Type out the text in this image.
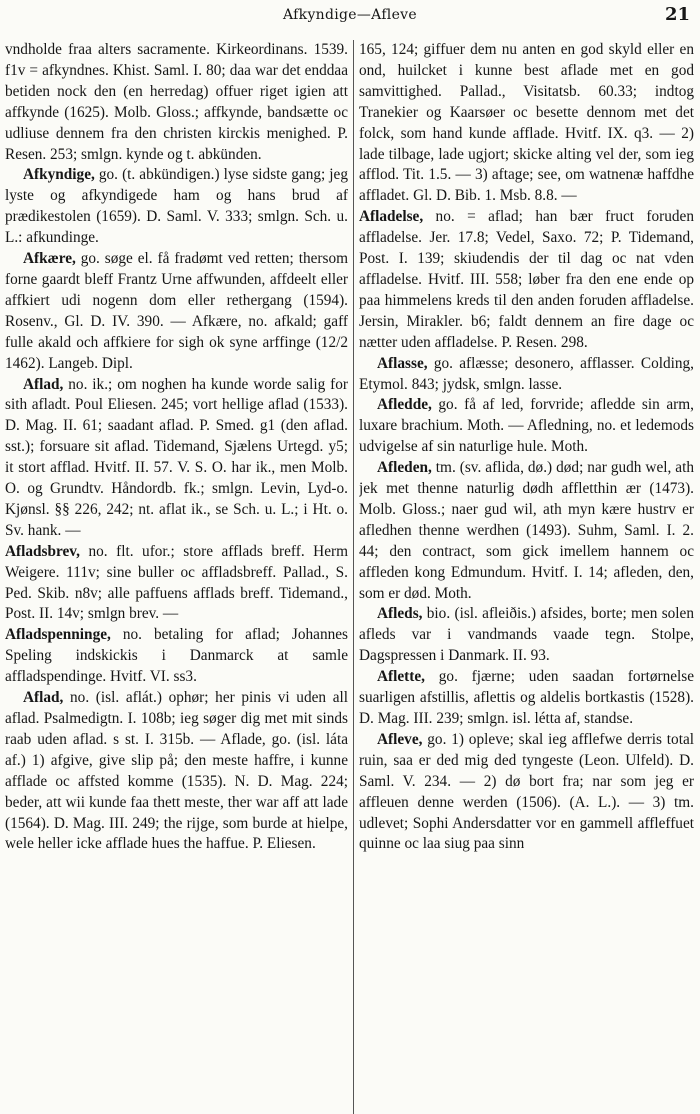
Afkyndige—Afleve	21

vndholde fraa alters sacramente. Kirkeordinans. 1539. f1v = afkyndnes. Khist. Saml. I. 80; daa war det enddaa betiden nock den (en herredag) offuer riget igien att affkynde (1625). Molb. Gloss.; affkynde, bandsætte oc udliuse dennem fra den christen kirckis menighed. P. Resen. 253; smlgn. kynde og t. abkünden.

Afkyndige, go. (t. abkündigen.) lyse sidste gang; jeg lyste og afkyndigede ham og hans brud af prædikestolen (1659). D. Saml. V. 333; smlgn. Sch. u. L.: afkundinge.

Afkære, go. søge el. få fradømt ved retten; thersom forne gaardt bleff Frantz Urne affwunden, affdeelt eller affkiert udi nogenn dom eller rethergang (1594). Rosenv., Gl. D. IV. 390. — Afkære, no. afkald; gaff fulle akald och affkiere for sigh ok syne arffinge (12/2 1462). Langeb. Dipl.

Aflad, no. ik.; om noghen ha kunde worde salig for sith afladt. Poul Eliesen. 245; vort hellige aflad (1533). D. Mag. II. 61; saadant aflad. P. Smed. g1 (den aflad. sst.); forsuare sit aflad. Tidemand, Sjælens Urtegd. y5; it stort afflad. Hvitf. II. 57. V. S. O. har ik., men Molb. O. og Grundtv. Håndordb. fk.; smlgn. Levin, Lyd-o. Kjønsl. §§ 226, 242; nt. aflat ik., se Sch. u. L.; i Ht. o. Sv. hank. —

Afladsbrev, no. flt. ufor.; store afflads breff. Herm Weigere. 111v; sine buller oc affladsbreff. Pallad., S. Ped. Skib. n8v; alle paffuens afflads breff. Tidemand., Post. II. 14v; smlgn brev. —

Afladspenninge, no. betaling for aflad; Johannes Speling indskickis i Danmarck at samle affladspendinge. Hvitf. VI. ss3.

Aflad, no. (isl. aflát.) ophør; her pinis vi uden all aflad. Psalmedigtn. I. 108b; ieg søger dig met mit sinds raab uden aflad. s st. I. 315b. — Aflade, go. (isl. láta af.) 1) afgive, give slip på; den meste haffre, i kunne afflade oc affsted komme (1535). N. D. Mag. 224; beder, att wii kunde faa thett meste, ther war aff att lade (1564). D. Mag. III. 249; the rijge, som burde at hielpe, wele heller icke afflade hues the haffue. P. Eliesen.

165, 124; giffuer dem nu anten en god skyld eller en ond, huilcket i kunne best aflade met en god samvittighed. Pallad., Visitatsb. 60.33; indtog Tranekier og Kaarsøer oc besette dennom met det folck, som hand kunde afflade. Hvitf. IX. q3. — 2) lade tilbage, lade ugjort; skicke alting vel der, som ieg afflod. Tit. 1.5. — 3) aftage; see, om watnenæ haffdhe affladet. Gl. D. Bib. 1. Msb. 8.8. —

Afladelse, no. = aflad; han bær fruct foruden affladelse. Jer. 17.8; Vedel, Saxo. 72; P. Tidemand, Post. I. 139; skiudendis der til dag oc nat vden affladelse. Hvitf. III. 558; løber fra den ene ende op paa himmelens kreds til den anden foruden affladelse. Jersin, Mirakler. b6; faldt dennem an fire dage oc nætter uden affladelse. P. Resen. 298.

Aflasse, go. aflæsse; desonero, afflasser. Colding, Etymol. 843; jydsk, smlgn. lasse.

Afledde, go. få af led, forvride; afledde sin arm, luxare brachium. Moth. — Afledning, no. et ledemods udvigelse af sin naturlige hule. Moth.

Afleden, tm. (sv. aflida, dø.) død; nar gudh wel, ath jek met thenne naturlig dødh affletthin ær (1473). Molb. Gloss.; naer gud wil, ath myn kære hustrv er afledhen thenne werdhen (1493). Suhm, Saml. I. 2. 44; den contract, som gick imellem hannem oc affleden kong Edmundum. Hvitf. I. 14; afleden, den, som er død. Moth.

Afleds, bio. (isl. afleiðis.) afsides, borte; men solen afleds var i vandmands vaade tegn. Stolpe, Dagspressen i Danmark. II. 93.

Aflette, go. fjærne; uden saadan fortørnelse suarligen afstillis, aflettis og aldelis bortkastis (1528). D. Mag. III. 239; smlgn. isl. létta af, standse.

Afleve, go. 1) opleve; skal ieg afflefwe derris total ruin, saa er ded mig ded tyngeste (Leon. Ulfeld). D. Saml. V. 234. — 2) dø bort fra; nar som jeg er affleuen denne werden (1506). (A. L.). — 3) tm. udlevet; Sophi Andersdatter vor en gammell affleffuet quinne oc laa siug paa sinn
